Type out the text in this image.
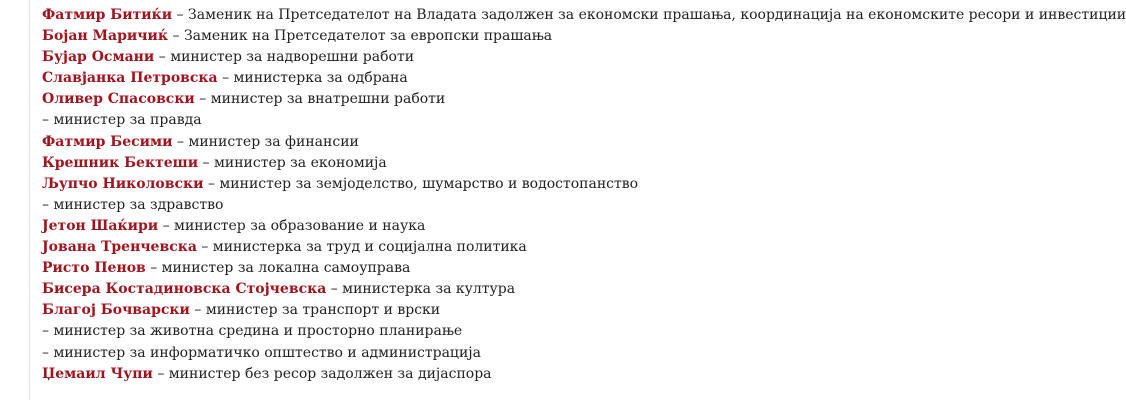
Фатмир Битиќи – Заменик на Претседателот на Владата задолжен за економски прашања, координација на економските ресори и инвестиции
Бојан Маричиќ – Заменик на Претседателот за европски прашања
Бујар Османи – министер за надворешни работи
Славјанка Петровска – министерка за одбрана
Оливер Спасовски – министер за внатрешни работи
– министер за правда
Фатмир Бесими – министер за финансии
Крешник Бектеши – министер за економија
Љупчо Николовски – министер за земјоделство, шумарство и водостопанство
– министер за здравство
Јетон Шаќири – министер за образование и наука
Јована Тренчевска – министерка за труд и социјална политика
Ристо Пенов – министер за локална самоуправа
Бисера Костадиновска Стојчевска – министерка за култура
Благој Бочварски – министер за транспорт и врски
– министер за животна средина и просторно планирање
– министер за информатичко општество и администрација
Џемаил Чупи – министер без ресор задолжен за дијаспора
